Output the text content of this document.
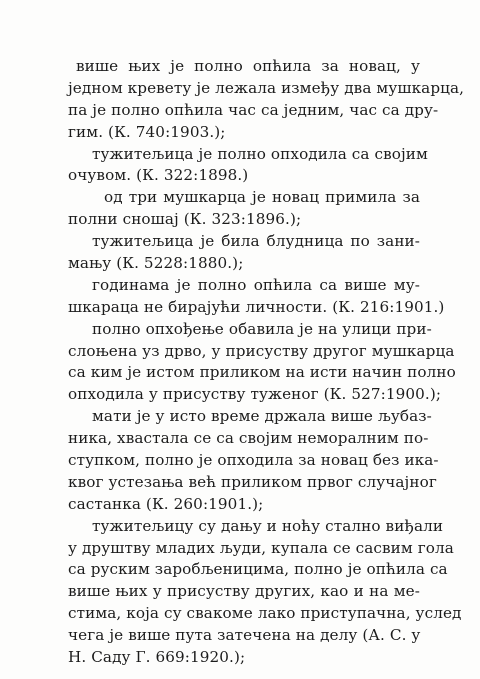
више њих је полно опћила за новац, у
једном кревету је лежала између два мушкарца,
па је полно опћила час са једним, час са дру-
гим. (К. 740:1903.);
тужитељица је полно опходила са својим
очувом. (К. 322:1898.)
од три мушкарца је новац примила за
полни сношај (К. 323:1896.);
тужитељица је била блудница по зани-
мању (К. 5228:1880.);
годинама је полно опћила са више му-
шкараца не бирајући личности. (К. 216:1901.)
полно опхођење обавила је на улици при-
слоњена уз дрво, у присуству другог мушкарца
са ким је истом приликом на исти начин полно
опходила у присуству туженог (К. 527:1900.);
мати је у исто време држала више љубаз-
ника, хвастала се са својим неморалним по-
ступком, полно је опходила за новац без ика-
квог устезања већ приликом првог случајног
састанка (К. 260:1901.);
тужитељицу су дању и ноћу стално виђали
у друштву младих људи, купала се сасвим гола
са руским заробљеницима, полно је опћила са
више њих у присуству других, као и на ме-
стима, која су свакоме лако приступачна, услед
чега је више пута затечена на делу (А. С. у
Н. Саду Г. 669:1920.);
